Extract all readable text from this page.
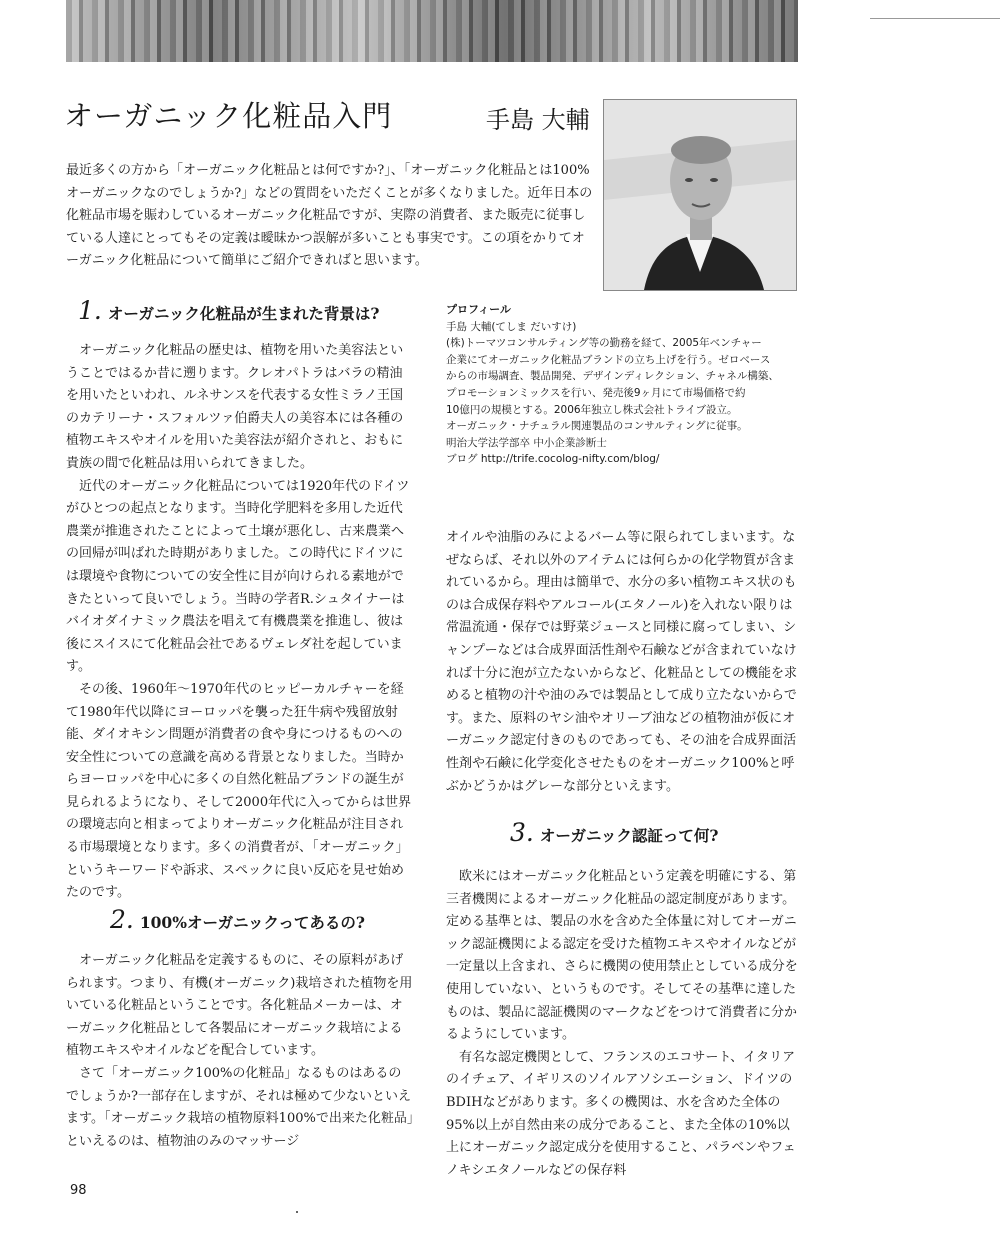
オーガニック化粧品入門	手島 大輔

最近多くの方から「オーガニック化粧品とは何ですか?」、「オーガニック化粧品とは100%オーガニックなのでしょうか?」などの質問をいただくことが多くなりました。近年日本の化粧品市場を賑わしているオーガニック化粧品ですが、実際の消費者、また販売に従事している人達にとってもその定義は曖昧かつ誤解が多いことも事実です。この項をかりてオーガニック化粧品について簡単にご紹介できればと思います。

プロフィール
手島 大輔(てしま だいすけ)
(株)トーマツコンサルティング等の勤務を経て、2005年ベンチャー
企業にてオーガニック化粧品ブランドの立ち上げを行う。ゼロベース
からの市場調査、製品開発、デザインディレクション、チャネル構築、
プロモーションミックスを行い、発売後9ヶ月にて市場価格で約
10億円の規模とする。2006年独立し株式会社トライブ設立。
オーガニック・ナチュラル関連製品のコンサルティングに従事。
明治大学法学部卒 中小企業診断士
ブログ http://trife.cocolog-nifty.com/blog/
1. オーガニック化粧品が生まれた背景は?

オーガニック化粧品の歴史は、植物を用いた美容法ということではるか昔に遡ります。クレオパトラはバラの精油を用いたといわれ、ルネサンスを代表する女性ミラノ王国のカテリーナ・スフォルツァ伯爵夫人の美容本には各種の植物エキスやオイルを用いた美容法が紹介されと、おもに貴族の間で化粧品は用いられてきました。

近代のオーガニック化粧品については1920年代のドイツがひとつの起点となります。当時化学肥料を多用した近代農業が推進されたことによって土壌が悪化し、古来農業への回帰が叫ばれた時期がありました。この時代にドイツには環境や食物についての安全性に目が向けられる素地ができたといって良いでしょう。当時の学者R.シュタイナーはバイオダイナミック農法を唱えて有機農業を推進し、彼は後にスイスにて化粧品会社であるヴェレダ社を起しています。

その後、1960年〜1970年代のヒッピーカルチャーを経て1980年代以降にヨーロッパを襲った狂牛病や残留放射能、ダイオキシン問題が消費者の食や身につけるものへの安全性についての意識を高める背景となりました。当時からヨーロッパを中心に多くの自然化粧品ブランドの誕生が見られるようになり、そして2000年代に入ってからは世界の環境志向と相まってよりオーガニック化粧品が注目される市場環境となります。多くの消費者が、「オーガニック」というキーワードや訴求、スペックに良い反応を見せ始めたのです。

2. 100%オーガニックってあるの?

オーガニック化粧品を定義するものに、その原料があげられます。つまり、有機(オーガニック)栽培された植物を用いている化粧品ということです。各化粧品メーカーは、オーガニック化粧品として各製品にオーガニック栽培による植物エキスやオイルなどを配合しています。

さて「オーガニック100%の化粧品」なるものはあるのでしょうか?一部存在しますが、それは極めて少ないといえます。「オーガニック栽培の植物原料100%で出来た化粧品」といえるのは、植物油のみのマッサージ

オイルや油脂のみによるバーム等に限られてしまいます。なぜならば、それ以外のアイテムには何らかの化学物質が含まれているから。理由は簡単で、水分の多い植物エキス状のものは合成保存料やアルコール(エタノール)を入れない限りは常温流通・保存では野菜ジュースと同様に腐ってしまい、シャンプーなどは合成界面活性剤や石鹸などが含まれていなければ十分に泡が立たないからなど、化粧品としての機能を求めると植物の汁や油のみでは製品として成り立たないからです。また、原料のヤシ油やオリーブ油などの植物油が仮にオーガニック認定付きのものであっても、その油を合成界面活性剤や石鹸に化学変化させたものをオーガニック100%と呼ぶかどうかはグレーな部分といえます。

3. オーガニック認証って何?

欧米にはオーガニック化粧品という定義を明確にする、第三者機関によるオーガニック化粧品の認定制度があります。定める基準とは、製品の水を含めた全体量に対してオーガニック認証機関による認定を受けた植物エキスやオイルなどが一定量以上含まれ、さらに機関の使用禁止としている成分を使用していない、というものです。そしてその基準に達したものは、製品に認証機関のマークなどをつけて消費者に分かるようにしています。

有名な認定機関として、フランスのエコサート、イタリアのイチェア、イギリスのソイルアソシエーション、ドイツのBDIHなどがあります。多くの機関は、水を含めた全体の95%以上が自然由来の成分であること、また全体の10%以上にオーガニック認定成分を使用すること、パラベンやフェノキシエタノールなどの保存料

98
